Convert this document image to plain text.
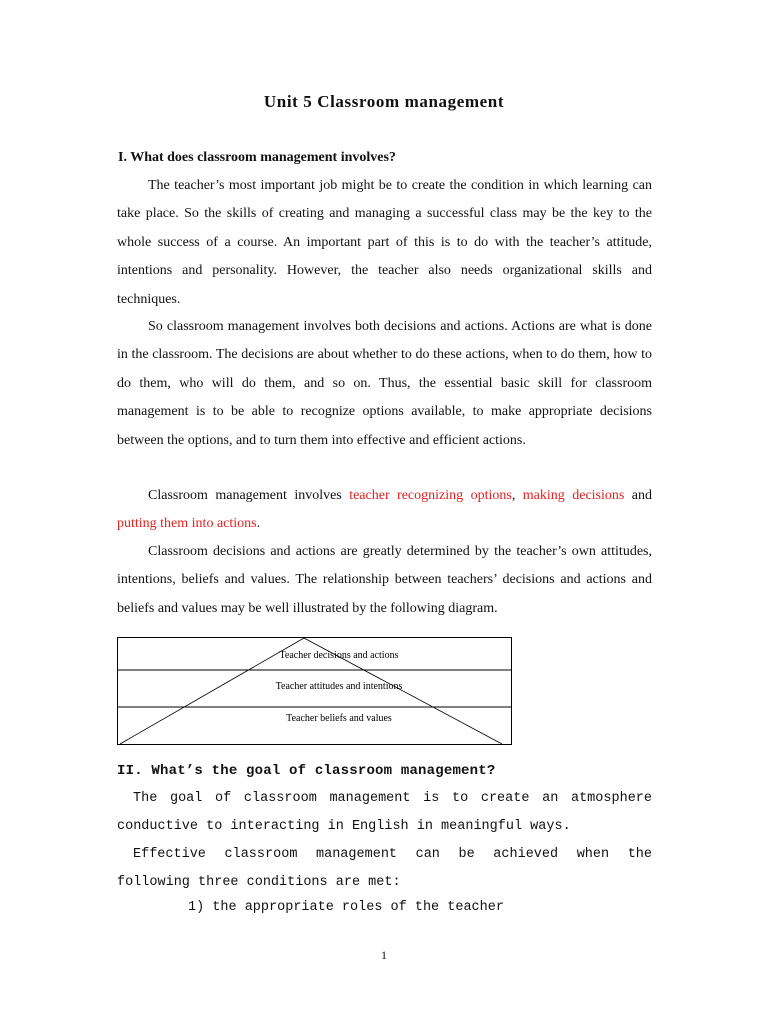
Unit 5 Classroom management
I. What does classroom management involves?

The teacher’s most important job might be to create the condition in which learning can take place. So the skills of creating and managing a successful class may be the key to the whole success of a course. An important part of this is to do with the teacher’s attitude, intentions and personality. However, the teacher also needs organizational skills and techniques.

So classroom management involves both decisions and actions. Actions are what is done in the classroom. The decisions are about whether to do these actions, when to do them, how to do them, who will do them, and so on. Thus, the essential basic skill for classroom management is to be able to recognize options available, to make appropriate decisions between the options, and to turn them into effective and efficient actions.

Classroom management involves teacher recognizing options, making decisions and putting them into actions.

Classroom decisions and actions are greatly determined by the teacher’s own attitudes, intentions, beliefs and values. The relationship between teachers’ decisions and actions and beliefs and values may be well illustrated by the following diagram.

Teacher decisions and actions
Teacher attitudes and intentions
Teacher beliefs and values
II. What’s the goal of classroom management?

The goal of classroom management is to create an atmosphere conductive to interacting in English in meaningful ways.

Effective classroom management can be achieved when the following three conditions are met:

1) the appropriate roles of the teacher

1
